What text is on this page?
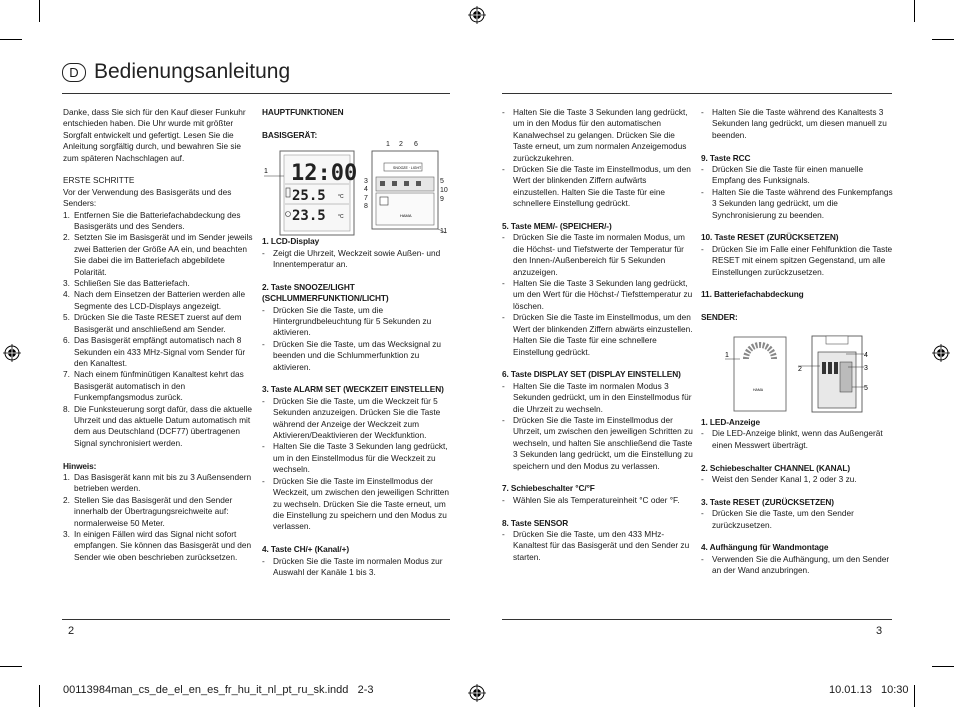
D Bedienungsanleitung

Danke, dass Sie sich für den Kauf dieser Funkuhr entschieden haben. Die Uhr wurde mit größter Sorgfalt entwickelt und gefertigt. Lesen Sie die Anleitung sorgfältig durch, und bewahren Sie sie zum späteren Nachschlagen auf.

ERSTE SCHRITTE

Vor der Verwendung des Basisgeräts und des Senders:

1. Entfernen Sie die Batteriefachabdeckung des Basisgeräts und des Senders.
2. Setzten Sie im Basisgerät und im Sender jeweils zwei Batterien der Größe AA ein, und beachten Sie dabei die im Batteriefach abgebildete Polarität.
3. Schließen Sie das Batteriefach.
4. Nach dem Einsetzen der Batterien werden alle Segmente des LCD-Displays angezeigt.
5. Drücken Sie die Taste RESET zuerst auf dem Basisgerät und anschließend am Sender.
6. Das Basisgerät empfängt automatisch nach 8 Sekunden ein 433 MHz-Signal vom Sender für den Kanaltest.
7. Nach einem fünfminütigen Kanaltest kehrt das Basisgerät automatisch in den Funkempfangsmodus zurück.
8. Die Funksteuerung sorgt dafür, dass die aktuelle Uhrzeit und das aktuelle Datum automatisch mit dem aus Deutschland (DCF77) übertragenen Signal synchronisiert werden.

Hinweis:

1. Das Basisgerät kann mit bis zu 3 Außensendern betrieben werden.
2. Stellen Sie das Basisgerät und den Sender innerhalb der Übertragungsreichweite auf: normalerweise 50 Meter.
3. In einigen Fällen wird das Signal nicht sofort empfangen. Sie können das Basisgerät und den Sender wie oben beschrieben zurücksetzen.

HAUPTFUNKTIONEN

BASISGERÄT:

1. LCD-Display

- Zeigt die Uhrzeit, Weckzeit sowie Außen- und Innentemperatur an.

2. Taste SNOOZE/LIGHT (SCHLUMMERFUNKTION/LICHT)

- Drücken Sie die Taste, um die Hintergrundbeleuchtung für 5 Sekunden zu aktivieren.
- Drücken Sie die Taste, um das Wecksignal zu beenden und die Schlummerfunktion zu aktivieren.

3. Taste ALARM SET (WECKZEIT EINSTELLEN)

- Drücken Sie die Taste, um die Weckzeit für 5 Sekunden anzuzeigen. Drücken Sie die Taste während der Anzeige der Weckzeit zum Aktivieren/Deaktivieren der Weckfunktion.
- Halten Sie die Taste 3 Sekunden lang gedrückt, um in den Einstellmodus für die Weckzeit zu wechseln.
- Drücken Sie die Taste im Einstellmodus der Weckzeit, um zwischen den jeweiligen Schritten zu wechseln. Drücken Sie die Taste erneut, um die Einstellung zu speichern und den Modus zu verlassen.

4. Taste CH/+ (Kanal/+)

- Drücken Sie die Taste im normalen Modus zur Auswahl der Kanäle 1 bis 3.
1 12:00
25.5 °C
23.5 °C
SNOOZE · LIGHT
HAMA
1 2 6
3
4
7
8
5
10
9
11
- Halten Sie die Taste 3 Sekunden lang gedrückt, um in den Modus für den automatischen Kanalwechsel zu gelangen. Drücken Sie die Taste erneut, um zum normalen Anzeigemodus zurückzukehren.
- Drücken Sie die Taste im Einstellmodus, um den Wert der blinkenden Ziffern aufwärts einzustellen. Halten Sie die Taste für eine schnellere Einstellung gedrückt.

5. Taste MEM/- (SPEICHER/-)

- Drücken Sie die Taste im normalen Modus, um die Höchst- und Tiefstwerte der Temperatur für den Innen-/Außenbereich für 5 Sekunden anzuzeigen.
- Halten Sie die Taste 3 Sekunden lang gedrückt, um den Wert für die Höchst-/ Tiefsttemperatur zu löschen.
- Drücken Sie die Taste im Einstellmodus, um den Wert der blinkenden Ziffern abwärts einzustellen. Halten Sie die Taste für eine schnellere Einstellung gedrückt.

6. Taste DISPLAY SET (DISPLAY EINSTELLEN)

- Halten Sie die Taste im normalen Modus 3 Sekunden gedrückt, um in den Einstellmodus für die Uhrzeit zu wechseln.
- Drücken Sie die Taste im Einstellmodus der Uhrzeit, um zwischen den jeweiligen Schritten zu wechseln, und halten Sie anschließend die Taste 3 Sekunden lang gedrückt, um die Einstellung zu speichern und den Modus zu verlassen.

7. Schiebeschalter °C/°F

- Wählen Sie als Temperatureinheit °C oder °F.

8. Taste SENSOR

- Drücken Sie die Taste, um den 433 MHz-Kanaltest für das Basisgerät und den Sender zu starten.
- Halten Sie die Taste während des Kanaltests 3 Sekunden lang gedrückt, um diesen manuell zu beenden.

9. Taste RCC

- Drücken Sie die Taste für einen manuelle Empfang des Funksignals.
- Halten Sie die Taste während des Funkempfangs 3 Sekunden lang gedrückt, um die Synchronisierung zu beenden.

10. Taste RESET (ZURÜCKSETZEN)

- Drücken Sie im Falle einer Fehlfunktion die Taste RESET mit einem spitzen Gegenstand, um alle Einstellungen zurückzusetzen.

11. Batteriefachabdeckung

SENDER:

1. LED-Anzeige

- Die LED-Anzeige blinkt, wenn das Außengerät einen Messwert überträgt.

2. Schiebeschalter CHANNEL (KANAL)

- Weist den Sender Kanal 1, 2 oder 3 zu.

3. Taste RESET (ZURÜCKSETZEN)

- Drücken Sie die Taste, um den Sender zurückzusetzen.

4. Aufhängung für Wandmontage

- Verwenden Sie die Aufhängung, um den Sender an der Wand anzubringen.
1
HAMA
2
4
3
5
2	3
00113984man_cs_de_el_en_es_fr_hu_it_nl_pt_ru_sk.indd   2-3	10.01.13   10:30
